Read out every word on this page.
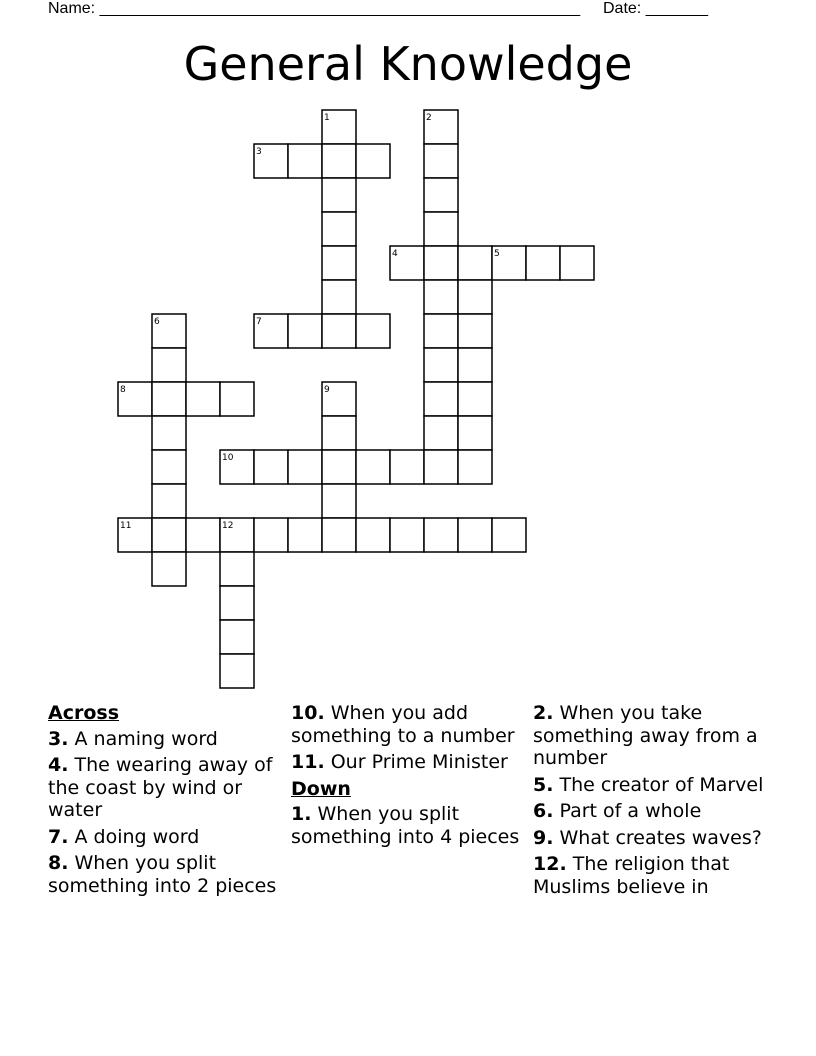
Name: ______________________________________________________ Date: _______
General Knowledge
1	2
3
4	5
6	7
8	9
10
11	12
Across
3. A naming word
4. The wearing away of the coast by wind or water
7. A doing word
8. When you split something into 2 pieces
10. When you add something to a number
11. Our Prime Minister
Down
1. When you split something into 4 pieces
2. When you take something away from a number
5. The creator of Marvel
6. Part of a whole
9. What creates waves?
12. The religion that Muslims believe in
